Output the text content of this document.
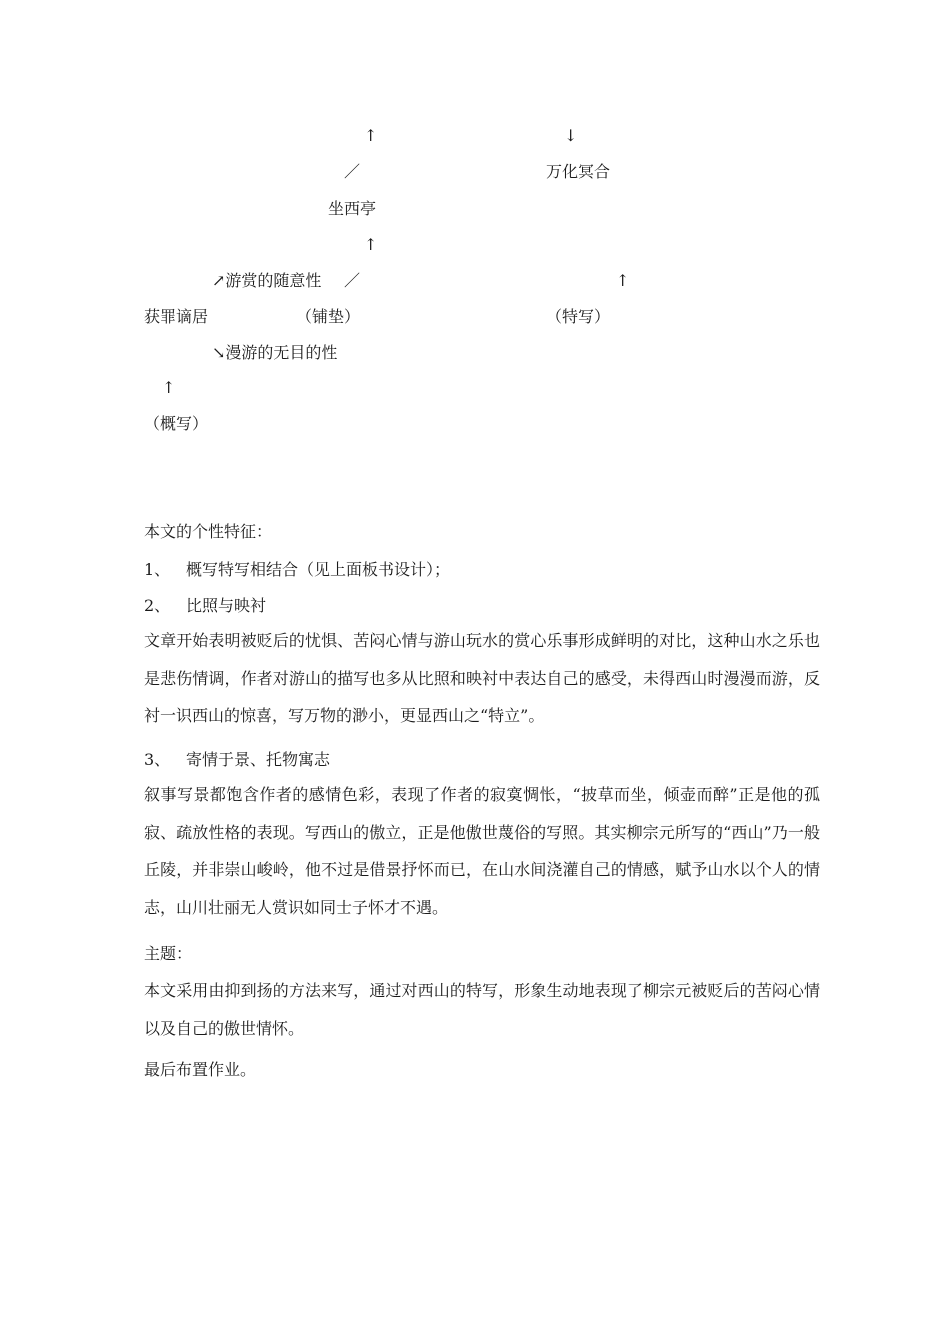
↑	↓
／	万化冥合
坐西亭
↑
↗游赏的随意性 ／	↑
获罪谪居	（铺垫）	（特写）
↘漫游的无目的性
↑
（概写）
本文的个性特征：
1、 概写特写相结合（见上面板书设计）；
2、 比照与映衬
文章开始表明被贬后的忧惧、苦闷心情与游山玩水的赏心乐事形成鲜明的对比，这种山水之乐也是悲伤情调，作者对游山的描写也多从比照和映衬中表达自己的感受，未得西山时漫漫而游，反衬一识西山的惊喜，写万物的渺小，更显西山之“特立”。
3、 寄情于景、托物寓志
叙事写景都饱含作者的感情色彩，表现了作者的寂寞惆怅，“披草而坐，倾壶而醉”正是他的孤寂、疏放性格的表现。写西山的傲立，正是他傲世蔑俗的写照。其实柳宗元所写的“西山”乃一般丘陵，并非崇山峻岭，他不过是借景抒怀而已，在山水间浇灌自己的情感，赋予山水以个人的情志，山川壮丽无人赏识如同士子怀才不遇。
主题：
本文采用由抑到扬的方法来写，通过对西山的特写，形象生动地表现了柳宗元被贬后的苦闷心情以及自己的傲世情怀。
最后布置作业。
